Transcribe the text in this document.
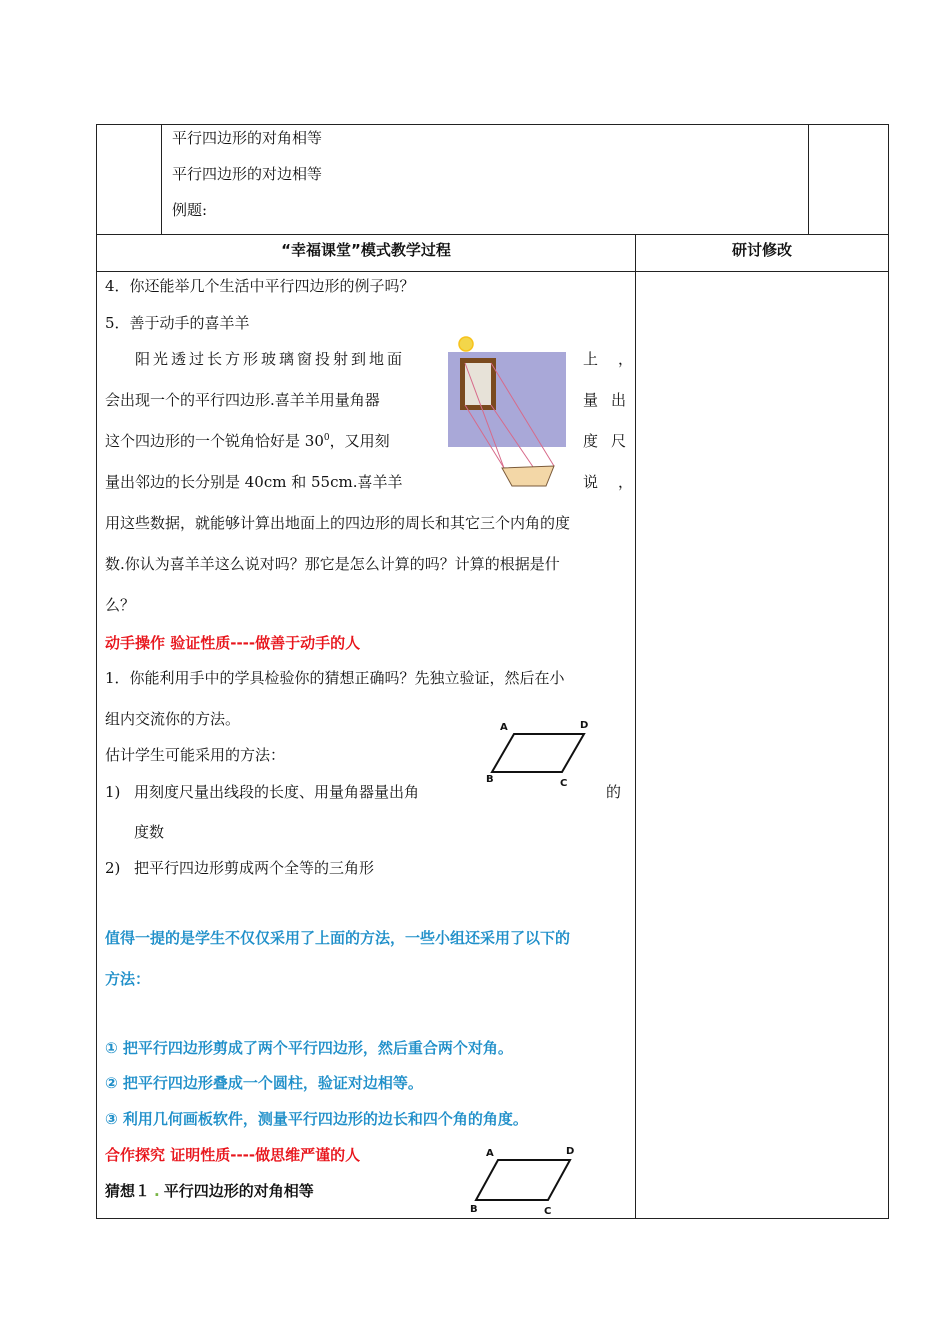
平行四边形的对角相等
平行四边形的对边相等
例题:
“幸福课堂”模式教学过程	研讨修改
4．你还能举几个生活中平行四边形的例子吗？
5．善于动手的喜羊羊
阳光透过长方形玻璃窗投射到地面	上，
会出现一个的平行四边形.喜羊羊用量角器	量出
这个四边形的一个锐角恰好是 $30^0$，又用刻	度尺
量出邻边的长分别是 40cm 和 55cm.喜羊羊	说，
用这些数据，就能够计算出地面上的四边形的周长和其它三个内角的度
数.你认为喜羊羊这么说对吗？那它是怎么计算的吗？计算的根据是什
么？
动手操作 验证性质----做善于动手的人
1．你能利用手中的学具检验你的猜想正确吗？先独立验证，然后在小
组内交流你的方法。
估计学生可能采用的方法：
1) 用刻度尺量出线段的长度、用量角器量出角	的
度数
2) 把平行四边形剪成两个全等的三角形
A	D
B	C
值得一提的是学生不仅仅采用了上面的方法，一些小组还采用了以下的
方法：
① 把平行四边形剪成了两个平行四边形，然后重合两个对角。
② 把平行四边形叠成一个圆柱，验证对边相等。
③ 利用几何画板软件，测量平行四边形的边长和四个角的角度。
合作探究 证明性质----做思维严谨的人
猜想１ . 平行四边形的对角相等
A	D
B	C
